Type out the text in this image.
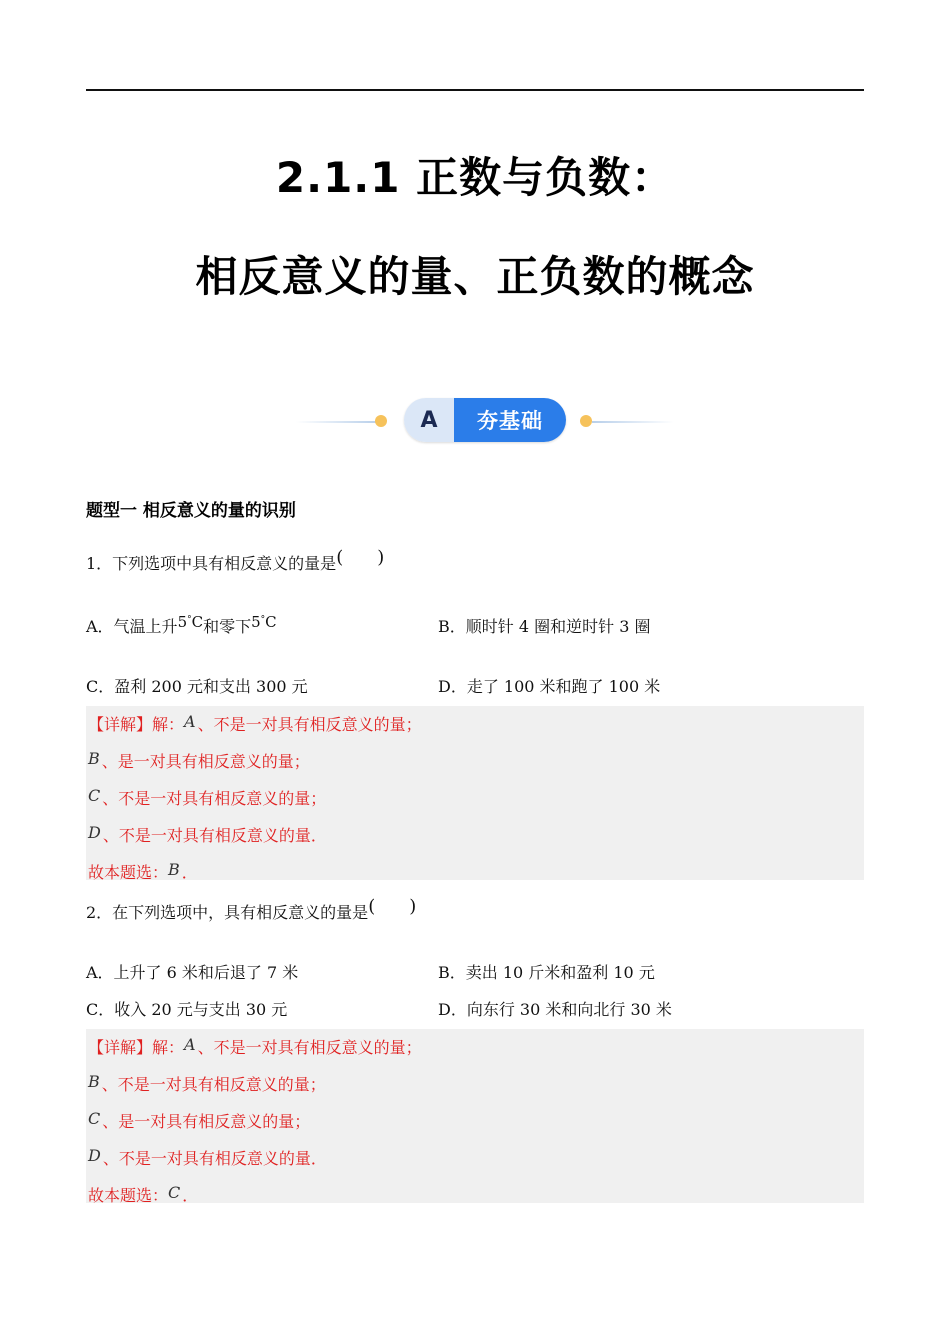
2.1.1 正数与负数：
相反意义的量、正负数的概念
A	夯基础
题型一 相反意义的量的识别
1．下列选项中具有相反意义的量是( )
A．气温上升5°C和零下5°C	B．顺时针 4 圈和逆时针 3 圈
C．盈利 200 元和支出 300 元	D．走了 100 米和跑了 100 米
【详解】解：A 、不是一对具有相反意义的量；
B 、是一对具有相反意义的量；
C 、不是一对具有相反意义的量；
D 、不是一对具有相反意义的量．
故本题选：B ．
2．在下列选项中，具有相反意义的量是( )
A．上升了 6 米和后退了 7 米	B．卖出 10 斤米和盈利 10 元
C．收入 20 元与支出 30 元	D．向东行 30 米和向北行 30 米
【详解】解：A 、不是一对具有相反意义的量；
B 、不是一对具有相反意义的量；
C 、是一对具有相反意义的量；
D 、不是一对具有相反意义的量．
故本题选：C ．
